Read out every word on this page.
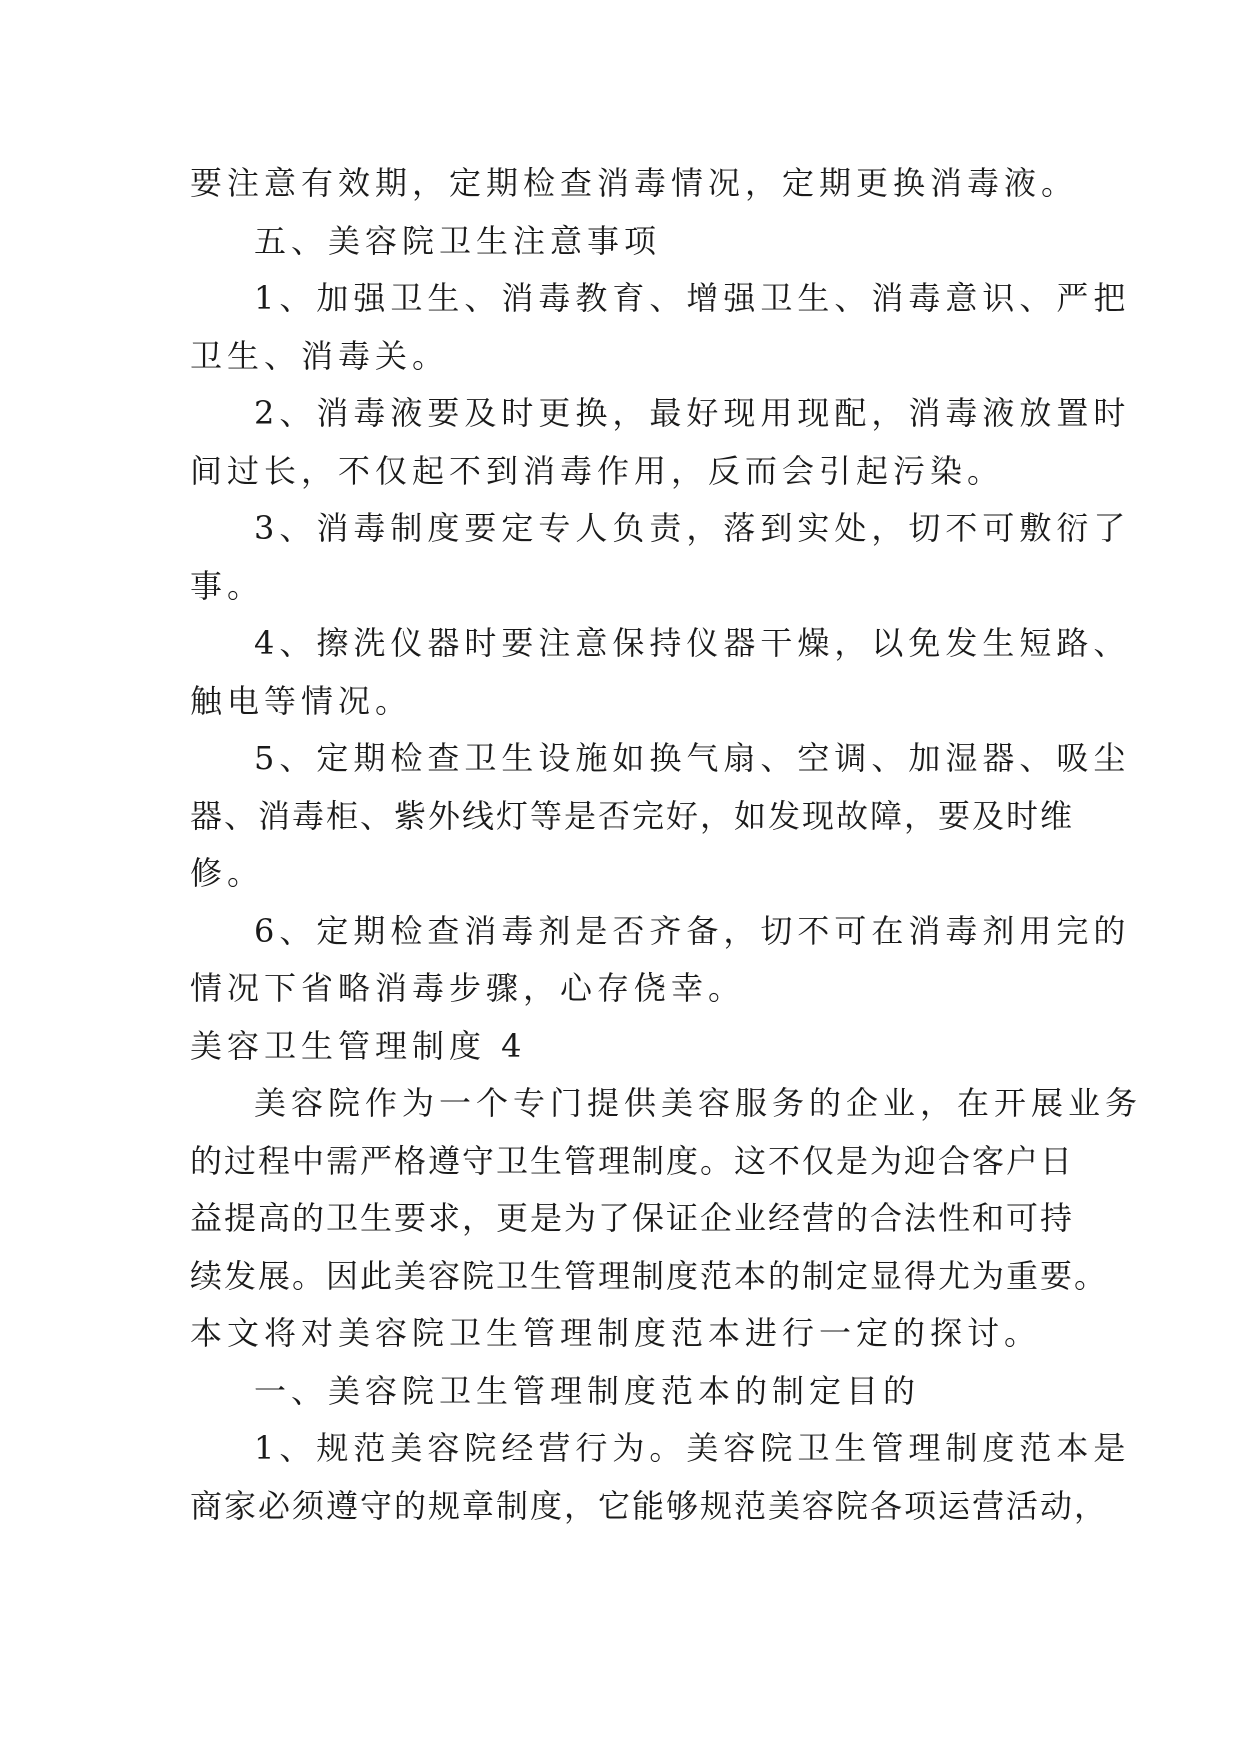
要注意有效期，定期检查消毒情况，定期更换消毒液。
五、美容院卫生注意事项
1、加强卫生、消毒教育、增强卫生、消毒意识、严把
卫生、消毒关。
2、消毒液要及时更换，最好现用现配，消毒液放置时
间过长，不仅起不到消毒作用，反而会引起污染。
3、消毒制度要定专人负责，落到实处，切不可敷衍了
事。
4、擦洗仪器时要注意保持仪器干燥，以免发生短路、
触电等情况。
5、定期检查卫生设施如换气扇、空调、加湿器、吸尘
器、消毒柜、紫外线灯等是否完好，如发现故障，要及时维
修。
6、定期检查消毒剂是否齐备，切不可在消毒剂用完的
情况下省略消毒步骤，心存侥幸。
美容卫生管理制度 4
美容院作为一个专门提供美容服务的企业，在开展业务
的过程中需严格遵守卫生管理制度。这不仅是为迎合客户日
益提高的卫生要求，更是为了保证企业经营的合法性和可持
续发展。因此美容院卫生管理制度范本的制定显得尤为重要。
本文将对美容院卫生管理制度范本进行一定的探讨。
一、美容院卫生管理制度范本的制定目的
1、规范美容院经营行为。美容院卫生管理制度范本是
商家必须遵守的规章制度，它能够规范美容院各项运营活动，
